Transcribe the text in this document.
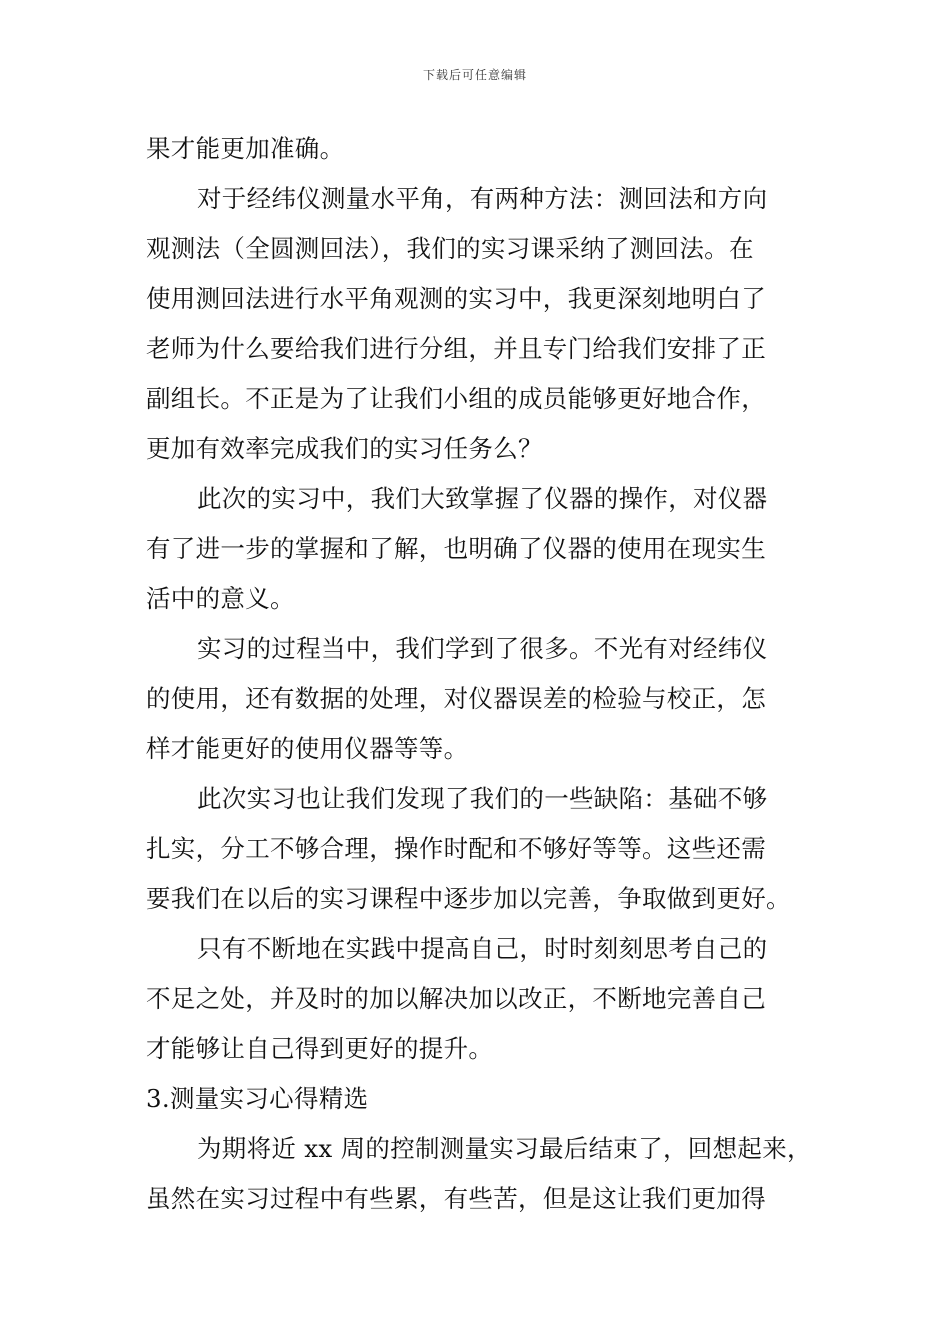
下载后可任意编辑
果才能更加准确。
对于经纬仪测量水平角，有两种方法：测回法和方向
观测法（全圆测回法），我们的实习课采纳了测回法。在
使用测回法进行水平角观测的实习中，我更深刻地明白了
老师为什么要给我们进行分组，并且专门给我们安排了正
副组长。不正是为了让我们小组的成员能够更好地合作，
更加有效率完成我们的实习任务么？
此次的实习中，我们大致掌握了仪器的操作，对仪器
有了进一步的掌握和了解，也明确了仪器的使用在现实生
活中的意义。
实习的过程当中，我们学到了很多。不光有对经纬仪
的使用，还有数据的处理，对仪器误差的检验与校正，怎
样才能更好的使用仪器等等。
此次实习也让我们发现了我们的一些缺陷：基础不够
扎实，分工不够合理，操作时配和不够好等等。这些还需
要我们在以后的实习课程中逐步加以完善，争取做到更好。
只有不断地在实践中提高自己，时时刻刻思考自己的
不足之处，并及时的加以解决加以改正，不断地完善自己
才能够让自己得到更好的提升。
3.测量实习心得精选
为期将近 xx 周的控制测量实习最后结束了，回想起来，
虽然在实习过程中有些累，有些苦，但是这让我们更加得
